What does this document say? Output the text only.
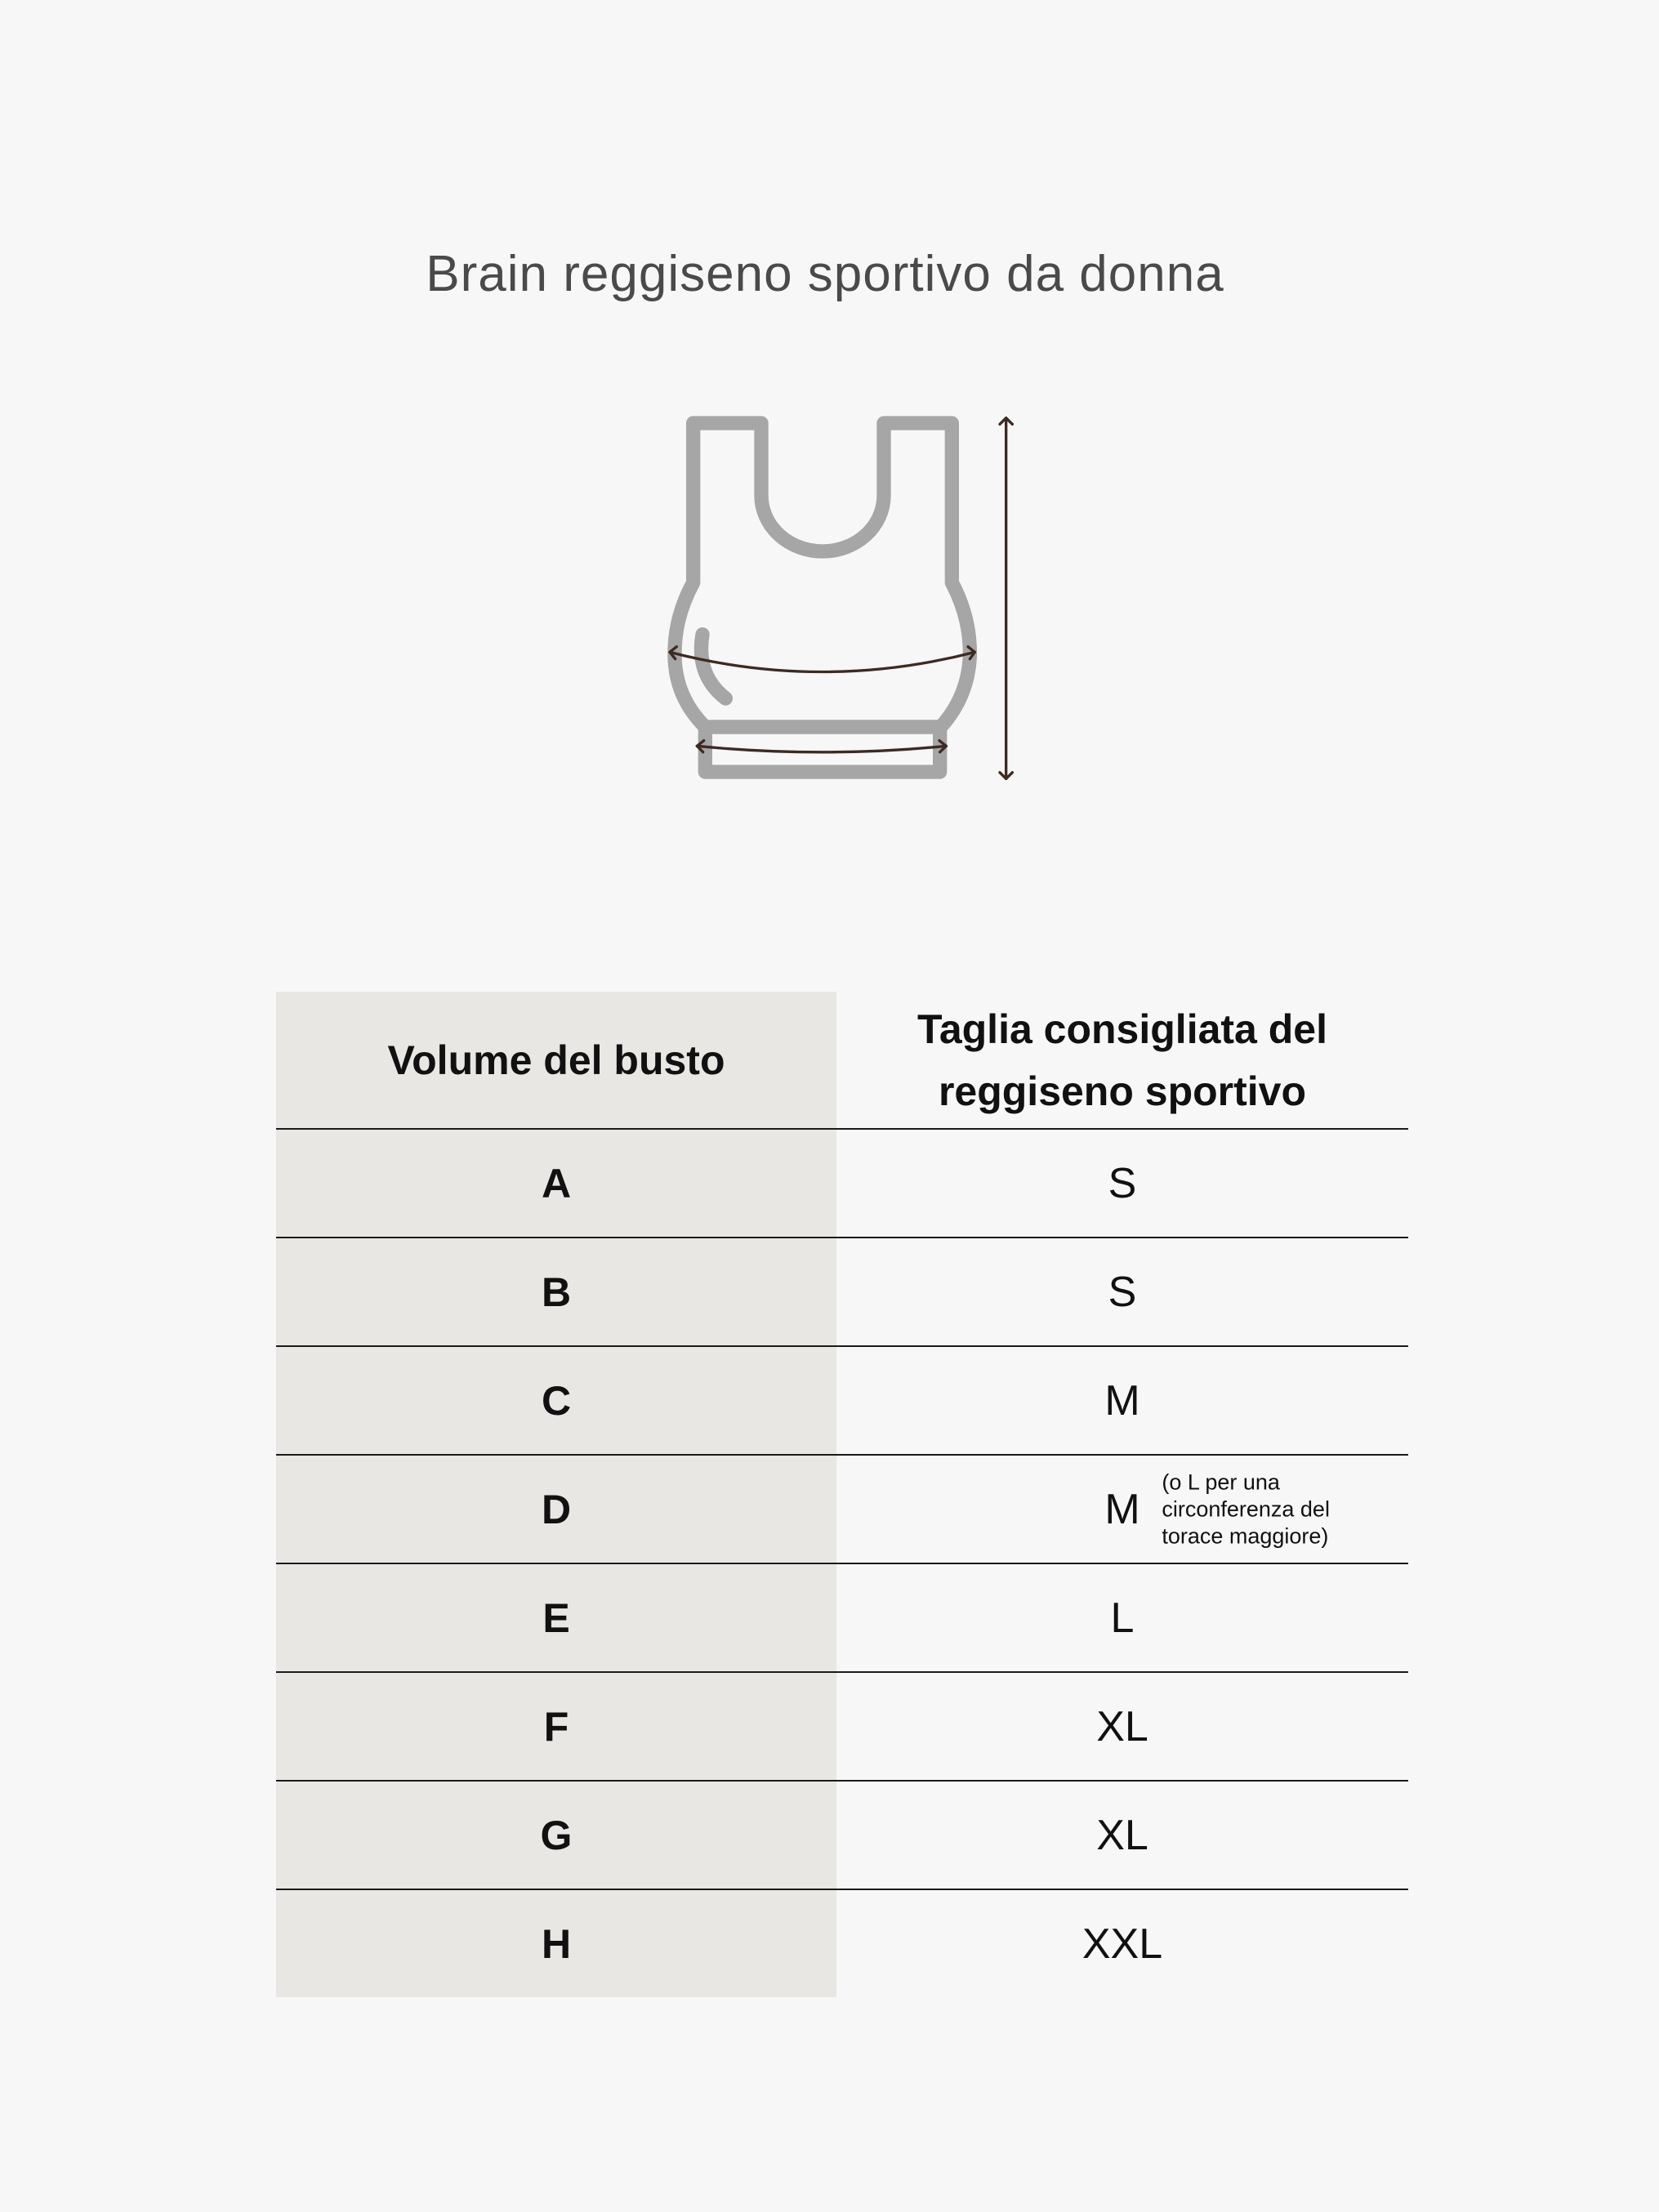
Brain reggiseno sportivo da donna
Volume del busto	Taglia consigliata del
reggiseno sportivo

A	S
B	S
C	M
D	M
(o L per una
circonferenza del
torace maggiore)

E	L
F	XL
G	XL
H	XXL
